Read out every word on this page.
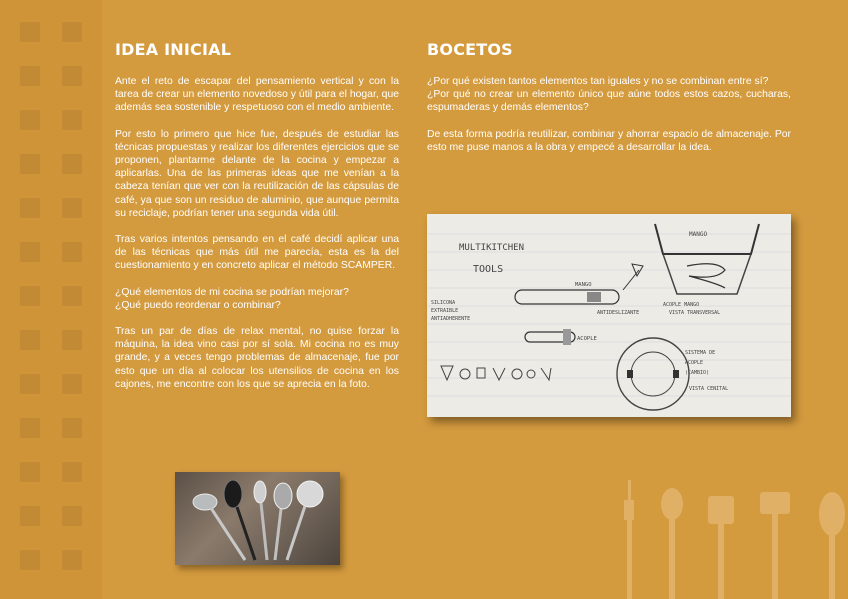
IDEA INICIAL

Ante el reto de escapar del pensamiento vertical y con la tarea de crear un elemento novedoso y útil para el hogar, que además sea sostenible y respetuoso con el medio ambiente.

Por esto lo primero que hice fue, después de estudiar las técnicas propuestas y realizar los diferentes ejercicios que se proponen, plantarme delante de la cocina y empezar a aplicarlas. Una de las primeras ideas que me venían a la cabeza tenían que ver con la reutilización de las cápsulas de café, ya que son un residuo de aluminio, que aunque permita su reciclaje, podrían tener una segunda vida útil.

Tras varios intentos pensando en el café decidí aplicar una de las técnicas que más útil me parecía, esta es la del cuestionamiento y en concreto aplicar el método SCAMPER.

¿Qué elementos de mi cocina se podrían mejorar?

¿Qué puedo reordenar o combinar?

Tras un par de días de relax mental, no quise forzar la máquina, la idea vino casi por sí sola. Mi cocina no es muy grande, y a veces tengo problemas de almacenaje, fue por esto que un día al colocar los utensilios de cocina en los cajones, me encontre con los que se aprecia en la foto.

BOCETOS

¿Por qué existen tantos elementos tan iguales y no se combinan entre sí?

¿Por qué no crear un elemento único que aúne todos estos cazos, cucharas, espumaderas y demás elementos?

De esta forma podría reutilizar, combinar y ahorrar espacio de almacenaje. Por esto me puse manos a la obra y empecé a desarrollar la idea.

MULTIKITCHEN
TOOLS
MANGO
MANGO
ANTIDESLIZANTE
SILICONA
EXTRAIBLE
ANTIADHERENTE
ACOPLE MANGO
VISTA TRANSVERSAL
ACOPLE
SISTEMA DE
ACOPLE
(CAMBIO)
VISTA CENITAL
